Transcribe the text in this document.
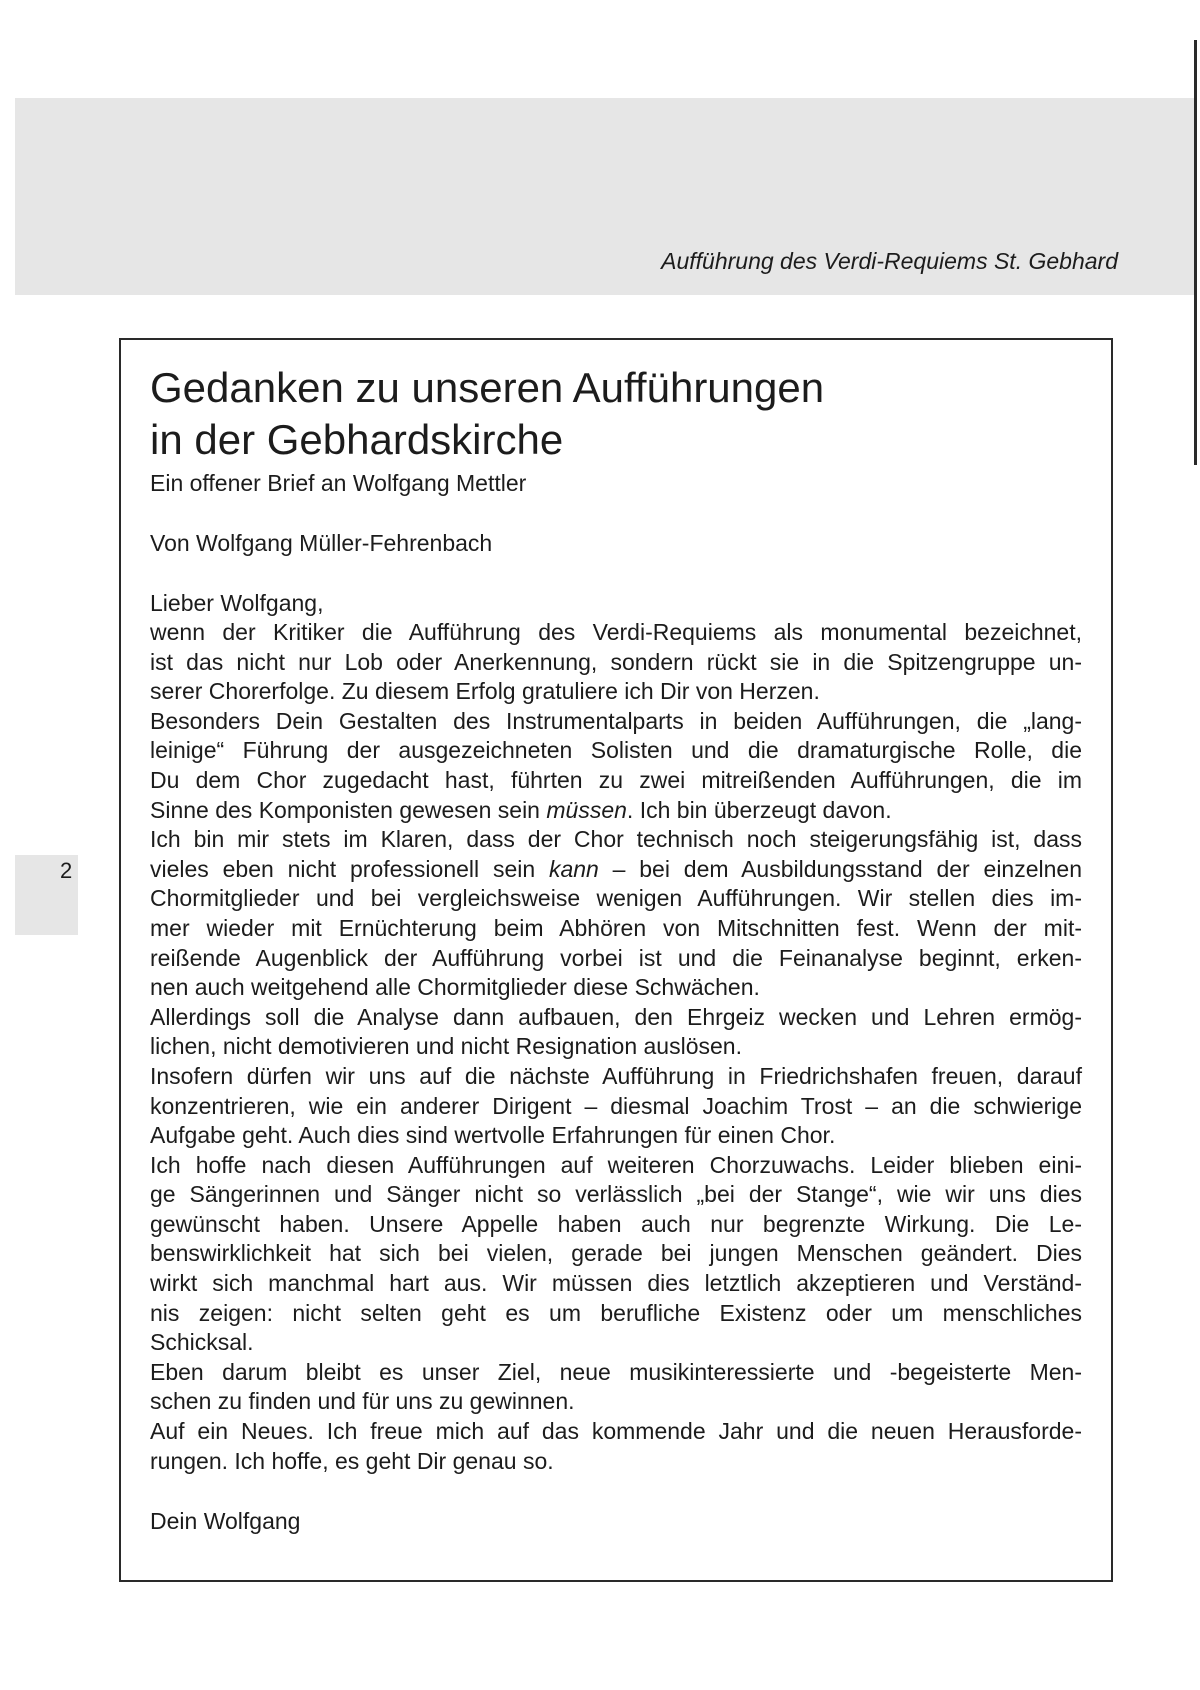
Aufführung des Verdi-Requiems St. Gebhard
2
Gedanken zu unseren Aufführungen
in der Gebhardskirche

Ein offener Brief an Wolfgang Mettler

Von Wolfgang Müller-Fehrenbach

Lieber Wolfgang,

wenn der Kritiker die Aufführung des Verdi-Requiems als monumental bezeichnet,
ist das nicht nur Lob oder Anerkennung, sondern rückt sie in die Spitzengruppe un-
serer Chorerfolge. Zu diesem Erfolg gratuliere ich Dir von Herzen.

Besonders Dein Gestalten des Instrumentalparts in beiden Aufführungen, die „lang-
leinige“ Führung der ausgezeichneten Solisten und die dramaturgische Rolle, die
Du dem Chor zugedacht hast, führten zu zwei mitreißenden Aufführungen, die im
Sinne des Komponisten gewesen sein müssen. Ich bin überzeugt davon.

Ich bin mir stets im Klaren, dass der Chor technisch noch steigerungsfähig ist, dass
vieles eben nicht professionell sein kann – bei dem Ausbildungsstand der einzelnen
Chormitglieder und bei vergleichsweise wenigen Aufführungen. Wir stellen dies im-
mer wieder mit Ernüchterung beim Abhören von Mitschnitten fest. Wenn der mit-
reißende Augenblick der Aufführung vorbei ist und die Feinanalyse beginnt, erken-
nen auch weitgehend alle Chormitglieder diese Schwächen.

Allerdings soll die Analyse dann aufbauen, den Ehrgeiz wecken und Lehren ermög-
lichen, nicht demotivieren und nicht Resignation auslösen.

Insofern dürfen wir uns auf die nächste Aufführung in Friedrichshafen freuen, darauf
konzentrieren, wie ein anderer Dirigent – diesmal Joachim Trost – an die schwierige
Aufgabe geht. Auch dies sind wertvolle Erfahrungen für einen Chor.

Ich hoffe nach diesen Aufführungen auf weiteren Chorzuwachs. Leider blieben eini-
ge Sängerinnen und Sänger nicht so verlässlich „bei der Stange“, wie wir uns dies
gewünscht haben. Unsere Appelle haben auch nur begrenzte Wirkung. Die Le-
benswirklichkeit hat sich bei vielen, gerade bei jungen Menschen geändert. Dies
wirkt sich manchmal hart aus. Wir müssen dies letztlich akzeptieren und Verständ-
nis zeigen: nicht selten geht es um berufliche Existenz oder um menschliches
Schicksal.

Eben darum bleibt es unser Ziel, neue musikinteressierte und -begeisterte Men-
schen zu finden und für uns zu gewinnen.

Auf ein Neues. Ich freue mich auf das kommende Jahr und die neuen Herausforde-
rungen. Ich hoffe, es geht Dir genau so.

Dein Wolfgang
